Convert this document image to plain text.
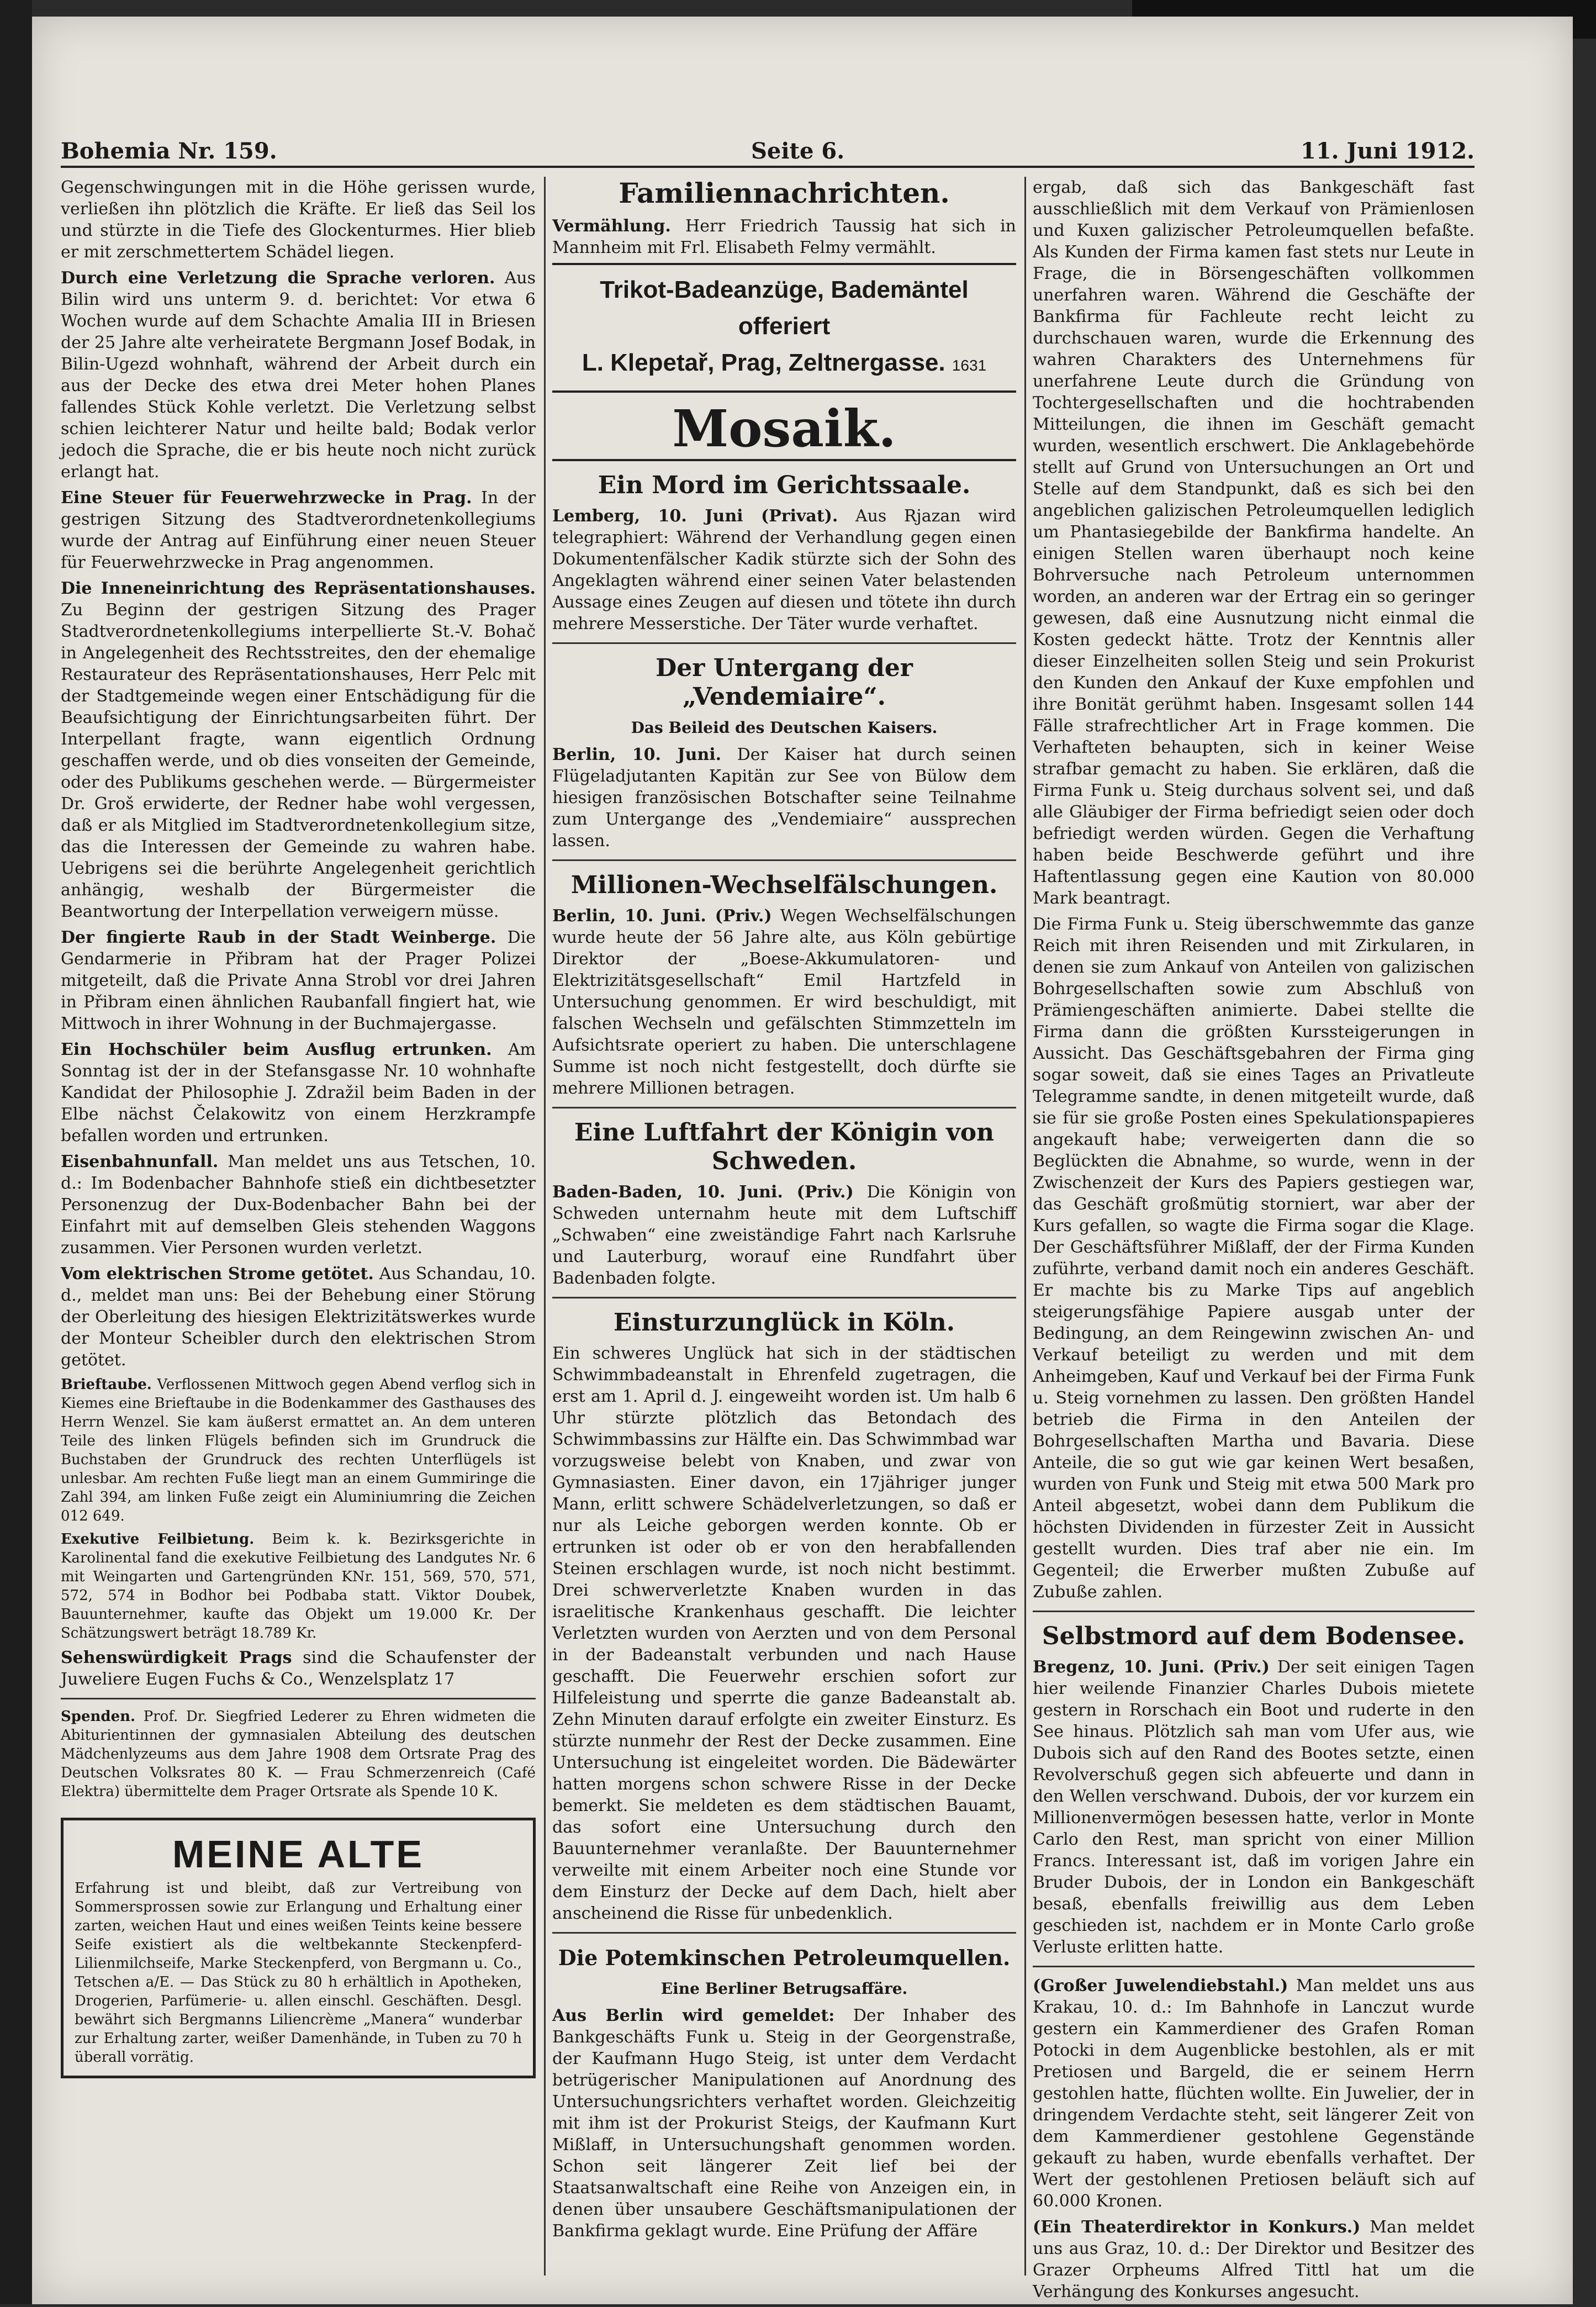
Bohemia Nr. 159.	Seite 6.	11. Juni 1912.

Gegenschwingungen mit in die Höhe gerissen wurde, verließen ihn plötzlich die Kräfte. Er ließ das Seil los und stürzte in die Tiefe des Glockenturmes. Hier blieb er mit zerschmettertem Schädel liegen.

Durch eine Verletzung die Sprache verloren. Aus Bilin wird uns unterm 9. d. berichtet: Vor etwa 6 Wochen wurde auf dem Schachte Amalia III in Briesen der 25 Jahre alte verheiratete Bergmann Josef Bodak, in Bilin-Ugezd wohnhaft, während der Arbeit durch ein aus der Decke des etwa drei Meter hohen Planes fallendes Stück Kohle verletzt. Die Verletzung selbst schien leichterer Natur und heilte bald; Bodak verlor jedoch die Sprache, die er bis heute noch nicht zurück erlangt hat.

Eine Steuer für Feuerwehrzwecke in Prag. In der gestrigen Sitzung des Stadtverordnetenkollegiums wurde der Antrag auf Einführung einer neuen Steuer für Feuerwehrzwecke in Prag angenommen.

Die Inneneinrichtung des Repräsentationshauses. Zu Beginn der gestrigen Sitzung des Prager Stadtverordnetenkollegiums interpellierte St.-V. Bohač in Angelegenheit des Rechtsstreites, den der ehemalige Restaurateur des Repräsentationshauses, Herr Pelc mit der Stadtgemeinde wegen einer Entschädigung für die Beaufsichtigung der Einrichtungsarbeiten führt. Der Interpellant fragte, wann eigentlich Ordnung geschaffen werde, und ob dies vonseiten der Gemeinde, oder des Publikums geschehen werde. — Bürgermeister Dr. Groš erwiderte, der Redner habe wohl vergessen, daß er als Mitglied im Stadtverordnetenkollegium sitze, das die Interessen der Gemeinde zu wahren habe. Uebrigens sei die berührte Angelegenheit gerichtlich anhängig, weshalb der Bürgermeister die Beantwortung der Interpellation verweigern müsse.

Der fingierte Raub in der Stadt Weinberge. Die Gendarmerie in Přibram hat der Prager Polizei mitgeteilt, daß die Private Anna Strobl vor drei Jahren in Přibram einen ähnlichen Raubanfall fingiert hat, wie Mittwoch in ihrer Wohnung in der Buchmajergasse.

Ein Hochschüler beim Ausflug ertrunken. Am Sonntag ist der in der Stefansgasse Nr. 10 wohnhafte Kandidat der Philosophie J. Zdražil beim Baden in der Elbe nächst Čelakowitz von einem Herzkrampfe befallen worden und ertrunken.

Eisenbahnunfall. Man meldet uns aus Tetschen, 10. d.: Im Bodenbacher Bahnhofe stieß ein dichtbesetzter Personenzug der Dux-Bodenbacher Bahn bei der Einfahrt mit auf demselben Gleis stehenden Waggons zusammen. Vier Personen wurden verletzt.

Vom elektrischen Strome getötet. Aus Schandau, 10. d., meldet man uns: Bei der Behebung einer Störung der Oberleitung des hiesigen Elektrizitätswerkes wurde der Monteur Scheibler durch den elektrischen Strom getötet.

Brieftaube. Verflossenen Mittwoch gegen Abend verflog sich in Kiemes eine Brieftaube in die Bodenkammer des Gasthauses des Herrn Wenzel. Sie kam äußerst ermattet an. An dem unteren Teile des linken Flügels befinden sich im Grundruck die Buchstaben der Grundruck des rechten Unterflügels ist unlesbar. Am rechten Fuße liegt man an einem Gummiringe die Zahl 394, am linken Fuße zeigt ein Aluminiumring die Zeichen 012 649.

Exekutive Feilbietung. Beim k. k. Bezirksgerichte in Karolinental fand die exekutive Feilbietung des Landgutes Nr. 6 mit Weingarten und Gartengründen KNr. 151, 569, 570, 571, 572, 574 in Bodhor bei Podbaba statt. Viktor Doubek, Bauunternehmer, kaufte das Objekt um 19.000 Kr. Der Schätzungswert beträgt 18.789 Kr.

Sehenswürdigkeit Prags sind die Schaufenster der Juweliere Eugen Fuchs & Co., Wenzelsplatz 17

Spenden. Prof. Dr. Siegfried Lederer zu Ehren widmeten die Abiturientinnen der gymnasialen Abteilung des deutschen Mädchenlyzeums aus dem Jahre 1908 dem Ortsrate Prag des Deutschen Volksrates 80 K. — Frau Schmerzenreich (Café Elektra) übermittelte dem Prager Ortsrate als Spende 10 K.

MEINE ALTE
Erfahrung ist und bleibt, daß zur Vertreibung von Sommersprossen sowie zur Erlangung und Erhaltung einer zarten, weichen Haut und eines weißen Teints keine bessere Seife existiert als die weltbekannte Steckenpferd-Lilienmilchseife, Marke Steckenpferd, von Bergmann u. Co., Tetschen a/E. — Das Stück zu 80 h erhältlich in Apotheken, Drogerien, Parfümerie- u. allen einschl. Geschäften. Desgl. bewährt sich Bergmanns Liliencrème „Manera“ wunderbar zur Erhaltung zarter, weißer Damenhände, in Tuben zu 70 h überall vorrätig.
Familiennachrichten.

Vermählung. Herr Friedrich Taussig hat sich in Mannheim mit Frl. Elisabeth Felmy vermählt.

Trikot-Badeanzüge, Bademäntel offeriert
L. Klepetař, Prag, Zeltnergasse. 1631
Mosaik.
Ein Mord im Gerichtssaale.

Lemberg, 10. Juni (Privat). Aus Rjazan wird telegraphiert: Während der Verhandlung gegen einen Dokumentenfälscher Kadik stürzte sich der Sohn des Angeklagten während einer seinen Vater belastenden Aussage eines Zeugen auf diesen und tötete ihn durch mehrere Messerstiche. Der Täter wurde verhaftet.

Der Untergang der „Vendemiaire“.
Das Beileid des Deutschen Kaisers.

Berlin, 10. Juni. Der Kaiser hat durch seinen Flügeladjutanten Kapitän zur See von Bülow dem hiesigen französischen Botschafter seine Teilnahme zum Untergange des „Vendemiaire“ aussprechen lassen.

Millionen-Wechselfälschungen.

Berlin, 10. Juni. (Priv.) Wegen Wechselfälschungen wurde heute der 56 Jahre alte, aus Köln gebürtige Direktor der „Boese-Akkumulatoren- und Elektrizitätsgesellschaft“ Emil Hartzfeld in Untersuchung genommen. Er wird beschuldigt, mit falschen Wechseln und gefälschten Stimmzetteln im Aufsichtsrate operiert zu haben. Die unterschlagene Summe ist noch nicht festgestellt, doch dürfte sie mehrere Millionen betragen.

Eine Luftfahrt der Königin von Schweden.

Baden-Baden, 10. Juni. (Priv.) Die Königin von Schweden unternahm heute mit dem Luftschiff „Schwaben“ eine zweiständige Fahrt nach Karlsruhe und Lauterburg, worauf eine Rundfahrt über Badenbaden folgte.

Einsturzunglück in Köln.

Ein schweres Unglück hat sich in der städtischen Schwimmbadeanstalt in Ehrenfeld zugetragen, die erst am 1. April d. J. eingeweiht worden ist. Um halb 6 Uhr stürzte plötzlich das Betondach des Schwimmbassins zur Hälfte ein. Das Schwimmbad war vorzugsweise belebt von Knaben, und zwar von Gymnasiasten. Einer davon, ein 17jähriger junger Mann, erlitt schwere Schädelverletzungen, so daß er nur als Leiche geborgen werden konnte. Ob er ertrunken ist oder ob er von den herabfallenden Steinen erschlagen wurde, ist noch nicht bestimmt. Drei schwerverletzte Knaben wurden in das israelitische Krankenhaus geschafft. Die leichter Verletzten wurden von Aerzten und von dem Personal in der Badeanstalt verbunden und nach Hause geschafft. Die Feuerwehr erschien sofort zur Hilfeleistung und sperrte die ganze Badeanstalt ab. Zehn Minuten darauf erfolgte ein zweiter Einsturz. Es stürzte nunmehr der Rest der Decke zusammen. Eine Untersuchung ist eingeleitet worden. Die Bädewärter hatten morgens schon schwere Risse in der Decke bemerkt. Sie meldeten es dem städtischen Bauamt, das sofort eine Untersuchung durch den Bauunternehmer veranlaßte. Der Bauunternehmer verweilte mit einem Arbeiter noch eine Stunde vor dem Einsturz der Decke auf dem Dach, hielt aber anscheinend die Risse für unbedenklich.

Die Potemkinschen Petroleumquellen.
Eine Berliner Betrugsaffäre.

Aus Berlin wird gemeldet: Der Inhaber des Bankgeschäfts Funk u. Steig in der Georgenstraße, der Kaufmann Hugo Steig, ist unter dem Verdacht betrügerischer Manipulationen auf Anordnung des Untersuchungsrichters verhaftet worden. Gleichzeitig mit ihm ist der Prokurist Steigs, der Kaufmann Kurt Mißlaff, in Untersuchungshaft genommen worden. Schon seit längerer Zeit lief bei der Staatsanwaltschaft eine Reihe von Anzeigen ein, in denen über unsaubere Geschäftsmanipulationen der Bankfirma geklagt wurde. Eine Prüfung der Affäre

ergab, daß sich das Bankgeschäft fast ausschließlich mit dem Verkauf von Prämienlosen und Kuxen galizischer Petroleumquellen befaßte. Als Kunden der Firma kamen fast stets nur Leute in Frage, die in Börsengeschäften vollkommen unerfahren waren. Während die Geschäfte der Bankfirma für Fachleute recht leicht zu durchschauen waren, wurde die Erkennung des wahren Charakters des Unternehmens für unerfahrene Leute durch die Gründung von Tochtergesellschaften und die hochtrabenden Mitteilungen, die ihnen im Geschäft gemacht wurden, wesentlich erschwert. Die Anklagebehörde stellt auf Grund von Untersuchungen an Ort und Stelle auf dem Standpunkt, daß es sich bei den angeblichen galizischen Petroleumquellen lediglich um Phantasiegebilde der Bankfirma handelte. An einigen Stellen waren überhaupt noch keine Bohrversuche nach Petroleum unternommen worden, an anderen war der Ertrag ein so geringer gewesen, daß eine Ausnutzung nicht einmal die Kosten gedeckt hätte. Trotz der Kenntnis aller dieser Einzelheiten sollen Steig und sein Prokurist den Kunden den Ankauf der Kuxe empfohlen und ihre Bonität gerühmt haben. Insgesamt sollen 144 Fälle strafrechtlicher Art in Frage kommen. Die Verhafteten behaupten, sich in keiner Weise strafbar gemacht zu haben. Sie erklären, daß die Firma Funk u. Steig durchaus solvent sei, und daß alle Gläubiger der Firma befriedigt seien oder doch befriedigt werden würden. Gegen die Verhaftung haben beide Beschwerde geführt und ihre Haftentlassung gegen eine Kaution von 80.000 Mark beantragt.

Die Firma Funk u. Steig überschwemmte das ganze Reich mit ihren Reisenden und mit Zirkularen, in denen sie zum Ankauf von Anteilen von galizischen Bohrgesellschaften sowie zum Abschluß von Prämiengeschäften animierte. Dabei stellte die Firma dann die größten Kurssteigerungen in Aussicht. Das Geschäftsgebahren der Firma ging sogar soweit, daß sie eines Tages an Privatleute Telegramme sandte, in denen mitgeteilt wurde, daß sie für sie große Posten eines Spekulationspapieres angekauft habe; verweigerten dann die so Beglückten die Abnahme, so wurde, wenn in der Zwischenzeit der Kurs des Papiers gestiegen war, das Geschäft großmütig storniert, war aber der Kurs gefallen, so wagte die Firma sogar die Klage. Der Geschäftsführer Mißlaff, der der Firma Kunden zuführte, verband damit noch ein anderes Geschäft. Er machte bis zu Marke Tips auf angeblich steigerungsfähige Papiere ausgab unter der Bedingung, an dem Reingewinn zwischen An- und Verkauf beteiligt zu werden und mit dem Anheimgeben, Kauf und Verkauf bei der Firma Funk u. Steig vornehmen zu lassen. Den größten Handel betrieb die Firma in den Anteilen der Bohrgesellschaften Martha und Bavaria. Diese Anteile, die so gut wie gar keinen Wert besaßen, wurden von Funk und Steig mit etwa 500 Mark pro Anteil abgesetzt, wobei dann dem Publikum die höchsten Dividenden in fürzester Zeit in Aussicht gestellt wurden. Dies traf aber nie ein. Im Gegenteil; die Erwerber mußten Zubuße auf Zubuße zahlen.

Selbstmord auf dem Bodensee.

Bregenz, 10. Juni. (Priv.) Der seit einigen Tagen hier weilende Finanzier Charles Dubois mietete gestern in Rorschach ein Boot und ruderte in den See hinaus. Plötzlich sah man vom Ufer aus, wie Dubois sich auf den Rand des Bootes setzte, einen Revolverschuß gegen sich abfeuerte und dann in den Wellen verschwand. Dubois, der vor kurzem ein Millionenvermögen besessen hatte, verlor in Monte Carlo den Rest, man spricht von einer Million Francs. Interessant ist, daß im vorigen Jahre ein Bruder Dubois, der in London ein Bankgeschäft besaß, ebenfalls freiwillig aus dem Leben geschieden ist, nachdem er in Monte Carlo große Verluste erlitten hatte.

(Großer Juwelendiebstahl.) Man meldet uns aus Krakau, 10. d.: Im Bahnhofe in Lanczut wurde gestern ein Kammerdiener des Grafen Roman Potocki in dem Augenblicke bestohlen, als er mit Pretiosen und Bargeld, die er seinem Herrn gestohlen hatte, flüchten wollte. Ein Juwelier, der in dringendem Verdachte steht, seit längerer Zeit von dem Kammerdiener gestohlene Gegenstände gekauft zu haben, wurde ebenfalls verhaftet. Der Wert der gestohlenen Pretiosen beläuft sich auf 60.000 Kronen.

(Ein Theaterdirektor in Konkurs.) Man meldet uns aus Graz, 10. d.: Der Direktor und Besitzer des Grazer Orpheums Alfred Tittl hat um die Verhängung des Konkurses angesucht.
